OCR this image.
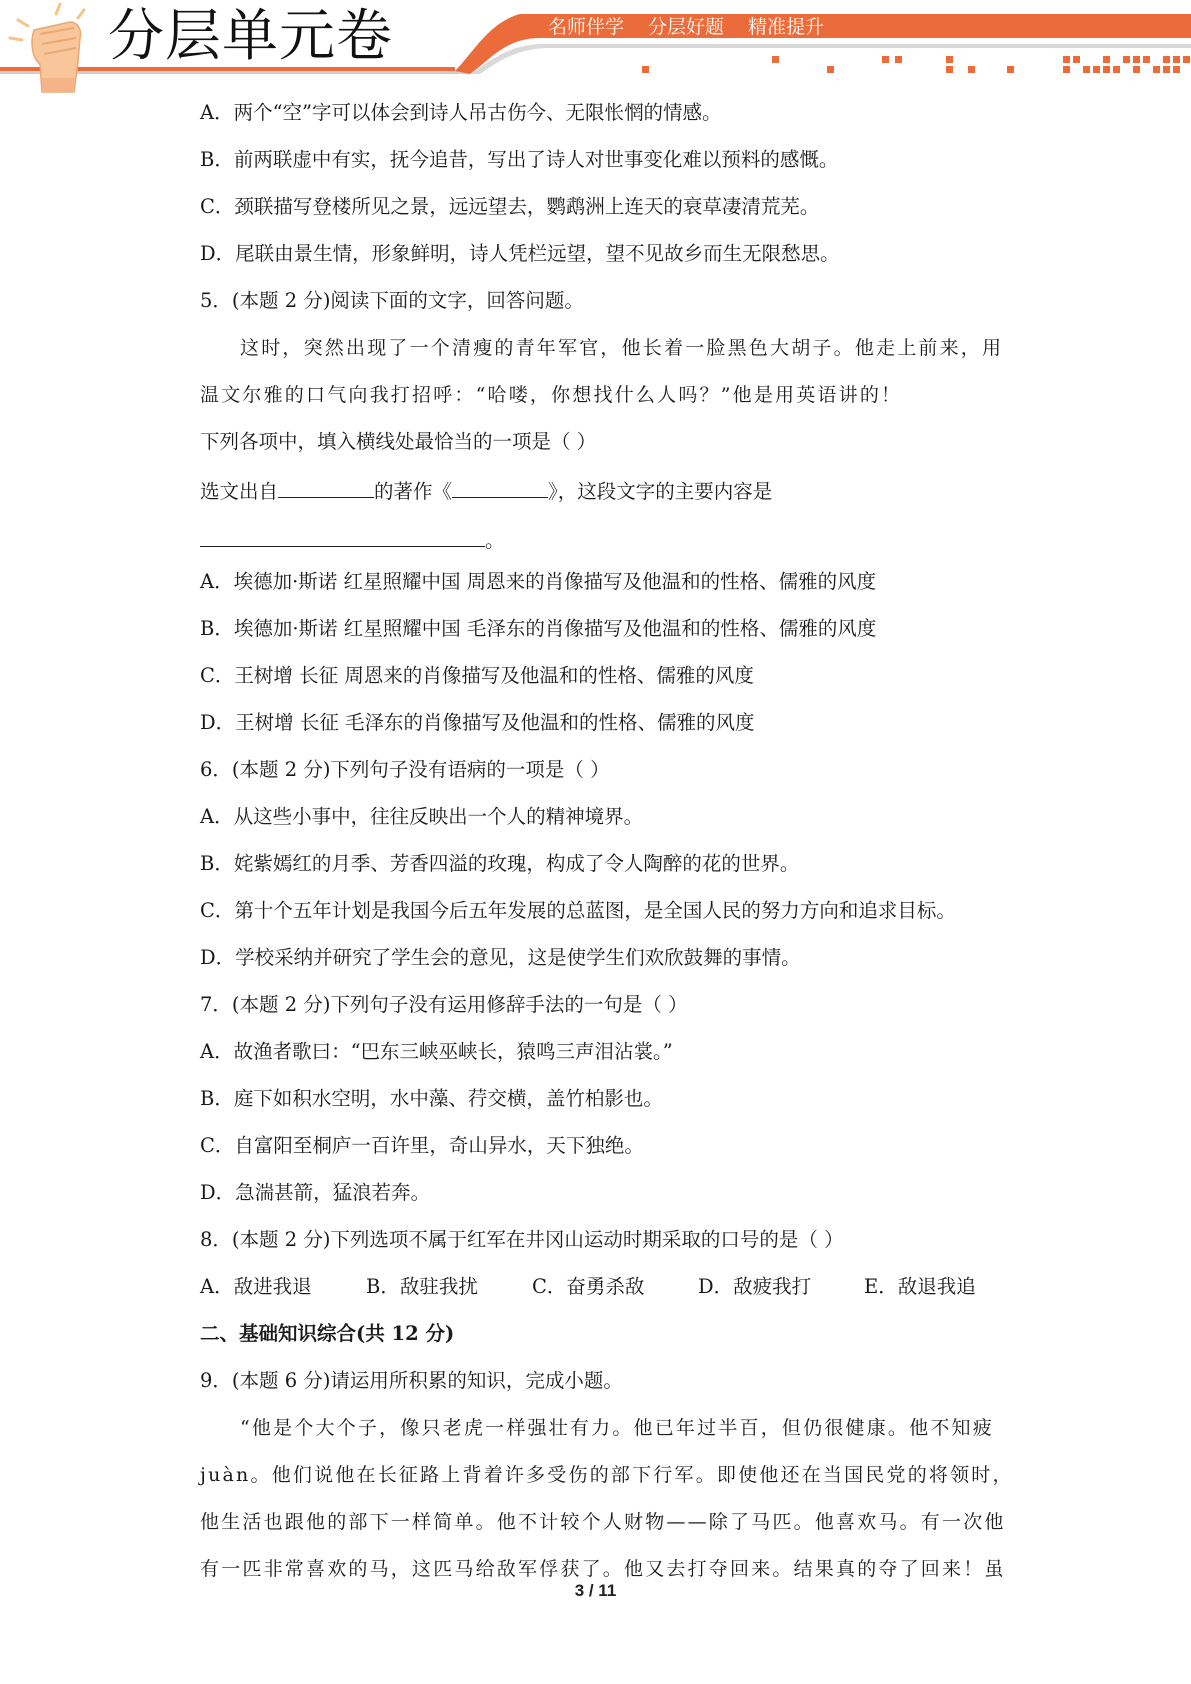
分层单元卷	名师伴学 分层好题 精准提升
A．两个“空”字可以体会到诗人吊古伤今、无限怅惘的情感。
B．前两联虚中有实，抚今追昔，写出了诗人对世事变化难以预料的感慨。
C．颈联描写登楼所见之景，远远望去，鹦鹉洲上连天的衰草凄清荒芜。
D．尾联由景生情，形象鲜明，诗人凭栏远望，望不见故乡而生无限愁思。
5．(本题 2 分)阅读下面的文字，回答问题。
这时，突然出现了一个清瘦的青年军官，他长着一脸黑色大胡子。他走上前来，用
温文尔雅的口气向我打招呼：“哈喽，你想找什么人吗？”他是用英语讲的！
下列各项中，填入横线处最恰当的一项是（ ）
选文出自	的著作《	》，这段文字的主要内容是
。
A．埃德加·斯诺 红星照耀中国 周恩来的肖像描写及他温和的性格、儒雅的风度
B．埃德加·斯诺 红星照耀中国 毛泽东的肖像描写及他温和的性格、儒雅的风度
C．王树增 长征 周恩来的肖像描写及他温和的性格、儒雅的风度
D．王树增 长征 毛泽东的肖像描写及他温和的性格、儒雅的风度
6．(本题 2 分)下列句子没有语病的一项是（ ）
A．从这些小事中，往往反映出一个人的精神境界。
B．姹紫嫣红的月季、芳香四溢的玫瑰，构成了令人陶醉的花的世界。
C．第十个五年计划是我国今后五年发展的总蓝图，是全国人民的努力方向和追求目标。
D．学校采纳并研究了学生会的意见，这是使学生们欢欣鼓舞的事情。
7．(本题 2 分)下列句子没有运用修辞手法的一句是（ ）
A．故渔者歌曰：“巴东三峡巫峡长，猿鸣三声泪沾裳。”
B．庭下如积水空明，水中藻、荇交横，盖竹柏影也。
C．自富阳至桐庐一百许里，奇山异水，天下独绝。
D．急湍甚箭，猛浪若奔。
8．(本题 2 分)下列选项不属于红军在井冈山运动时期采取的口号的是（ ）
A．敌进我退	B．敌驻我扰	C．奋勇杀敌	D．敌疲我打	E．敌退我追
二、基础知识综合(共 12 分)
9．(本题 6 分)请运用所积累的知识，完成小题。
“他是个大个子，像只老虎一样强壮有力。他已年过半百，但仍很健康。他不知疲
juàn。他们说他在长征路上背着许多受伤的部下行军。即使他还在当国民党的将领时，
他生活也跟他的部下一样简单。他不计较个人财物——除了马匹。他喜欢马。有一次他
有一匹非常喜欢的马，这匹马给敌军俘获了。他又去打夺回来。结果真的夺了回来！虽
3 / 11
